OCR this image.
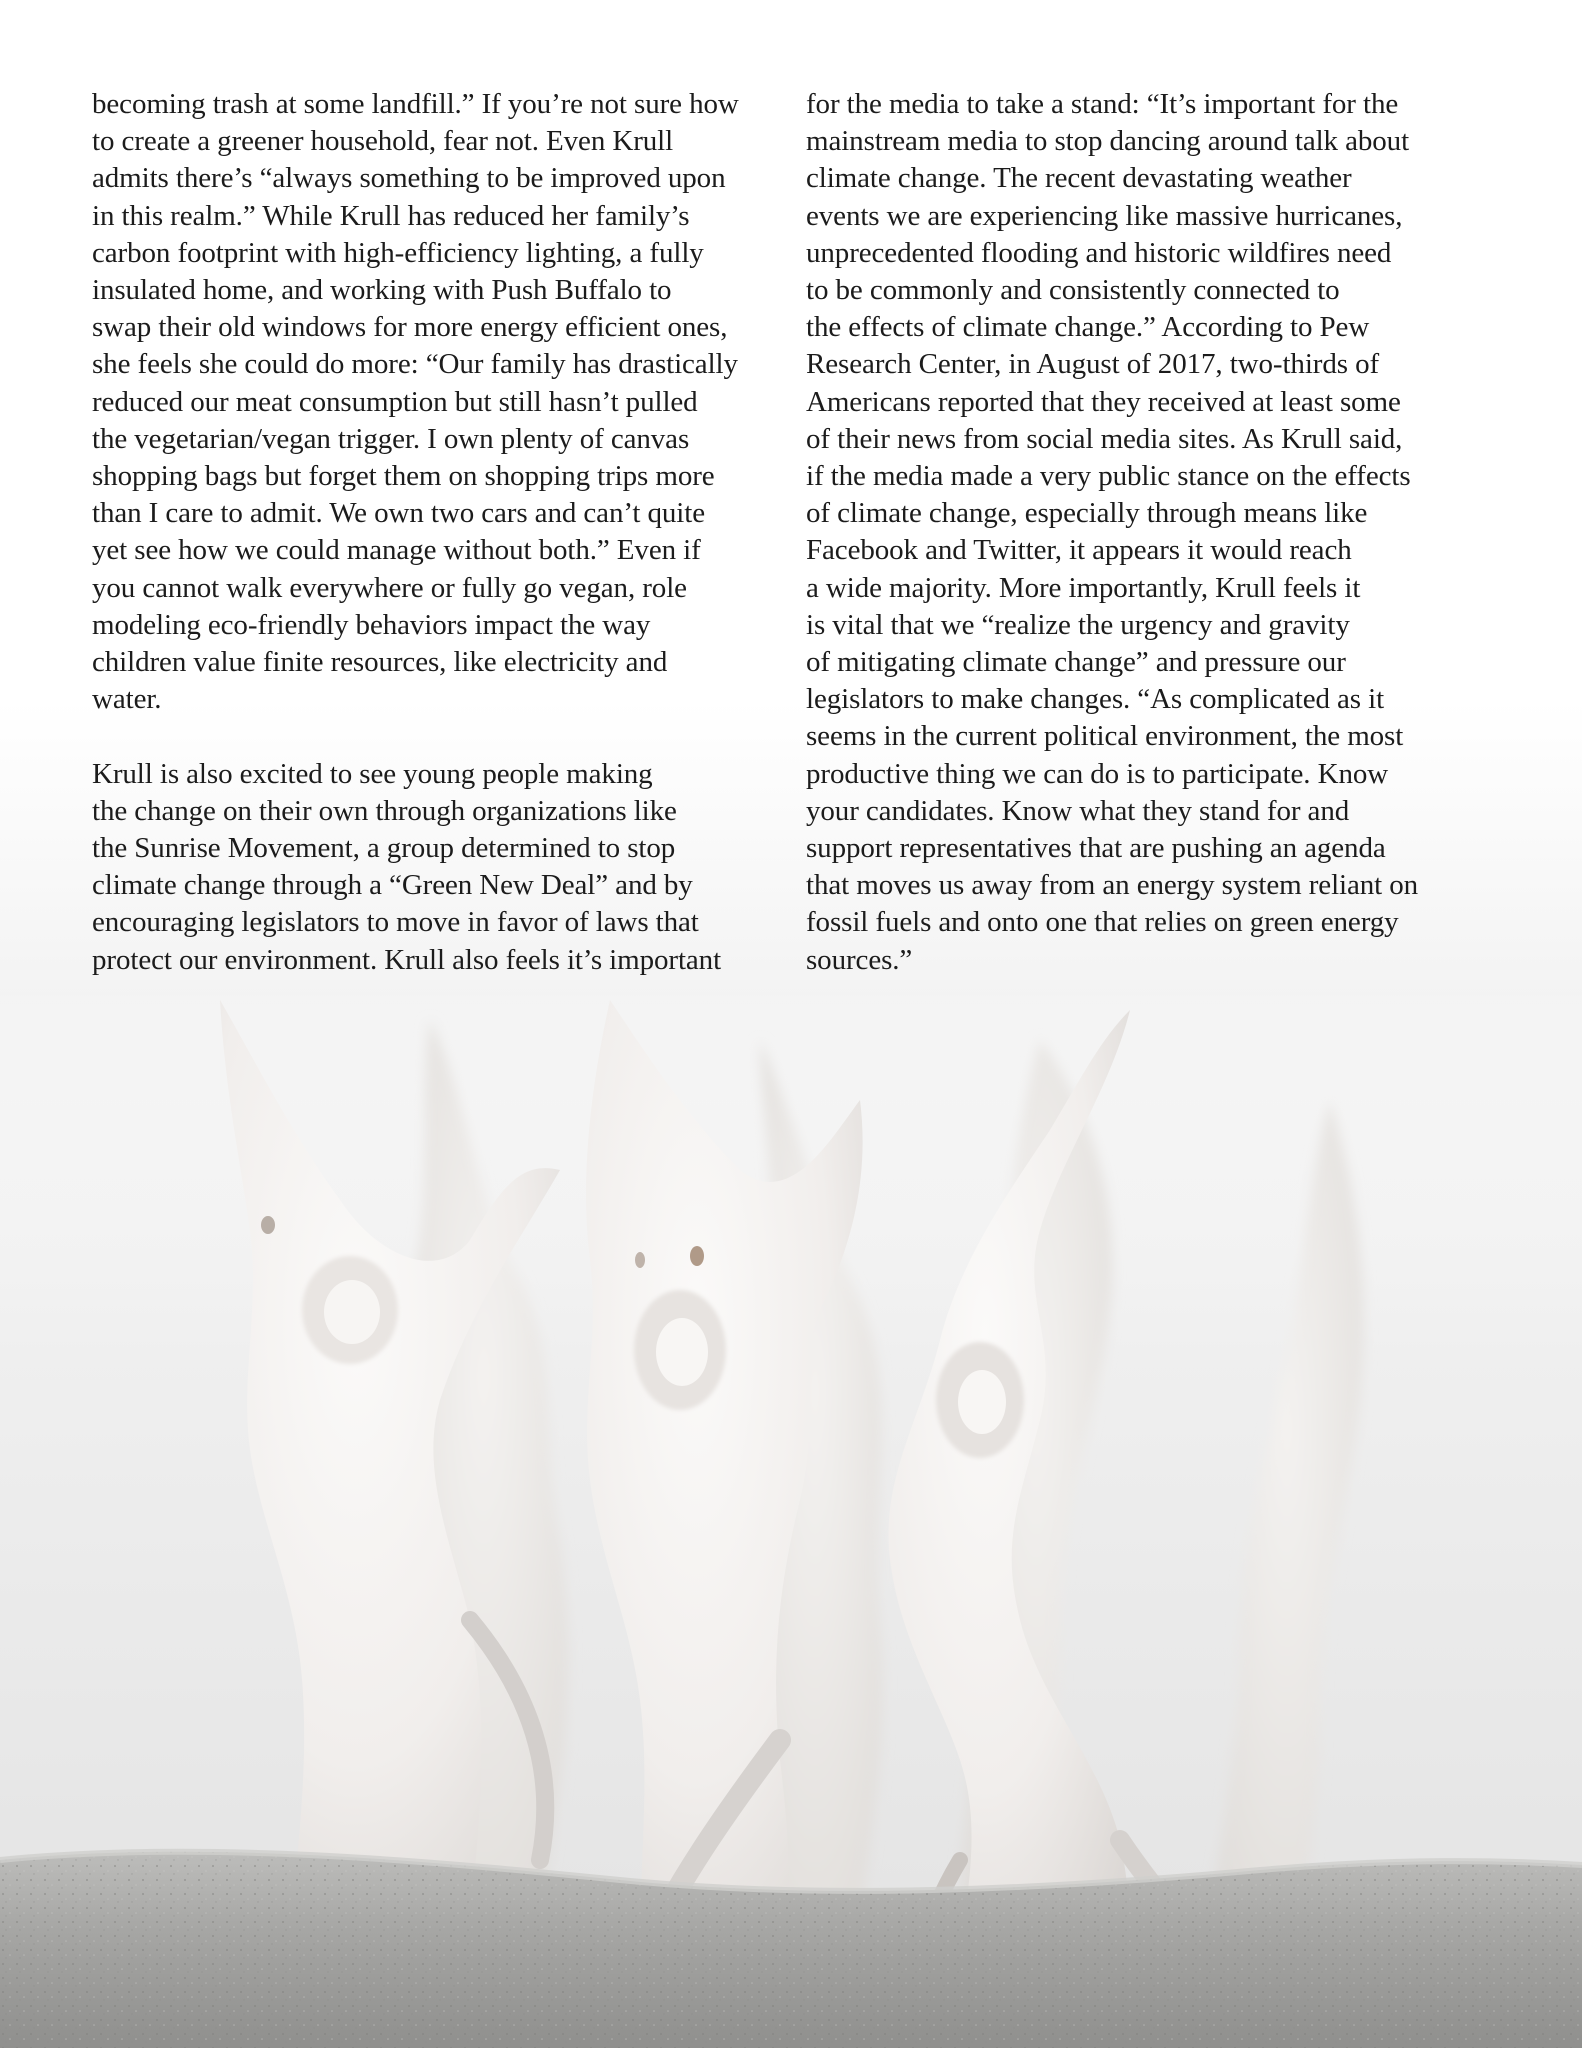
becoming trash at some landfill.” If you’re not sure how
to create a greener household, fear not. Even Krull
admits there’s “always something to be improved upon
in this realm.” While Krull has reduced her family’s
carbon footprint with high-efficiency lighting, a fully
insulated home, and working with Push Buffalo to
swap their old windows for more energy efficient ones,
she feels she could do more: “Our family has drastically
reduced our meat consumption but still hasn’t pulled
the vegetarian/vegan trigger. I own plenty of canvas
shopping bags but forget them on shopping trips more
than I care to admit. We own two cars and can’t quite
yet see how we could manage without both.” Even if
you cannot walk everywhere or fully go vegan, role
modeling eco-friendly behaviors impact the way
children value finite resources, like electricity and
water.

Krull is also excited to see young people making
the change on their own through organizations like
the Sunrise Movement, a group determined to stop
climate change through a “Green New Deal” and by
encouraging legislators to move in favor of laws that
protect our environment. Krull also feels it’s important

for the media to take a stand: “It’s important for the
mainstream media to stop dancing around talk about
climate change. The recent devastating weather
events we are experiencing like massive hurricanes,
unprecedented flooding and historic wildfires need
to be commonly and consistently connected to
the effects of climate change.” According to Pew
Research Center, in August of 2017, two-thirds of
Americans reported that they received at least some
of their news from social media sites. As Krull said,
if the media made a very public stance on the effects
of climate change, especially through means like
Facebook and Twitter, it appears it would reach
a wide majority. More importantly, Krull feels it
is vital that we “realize the urgency and gravity
of mitigating climate change” and pressure our
legislators to make changes. “As complicated as it
seems in the current political environment, the most
productive thing we can do is to participate. Know
your candidates. Know what they stand for and
support representatives that are pushing an agenda
that moves us away from an energy system reliant on
fossil fuels and onto one that relies on green energy
sources.”
